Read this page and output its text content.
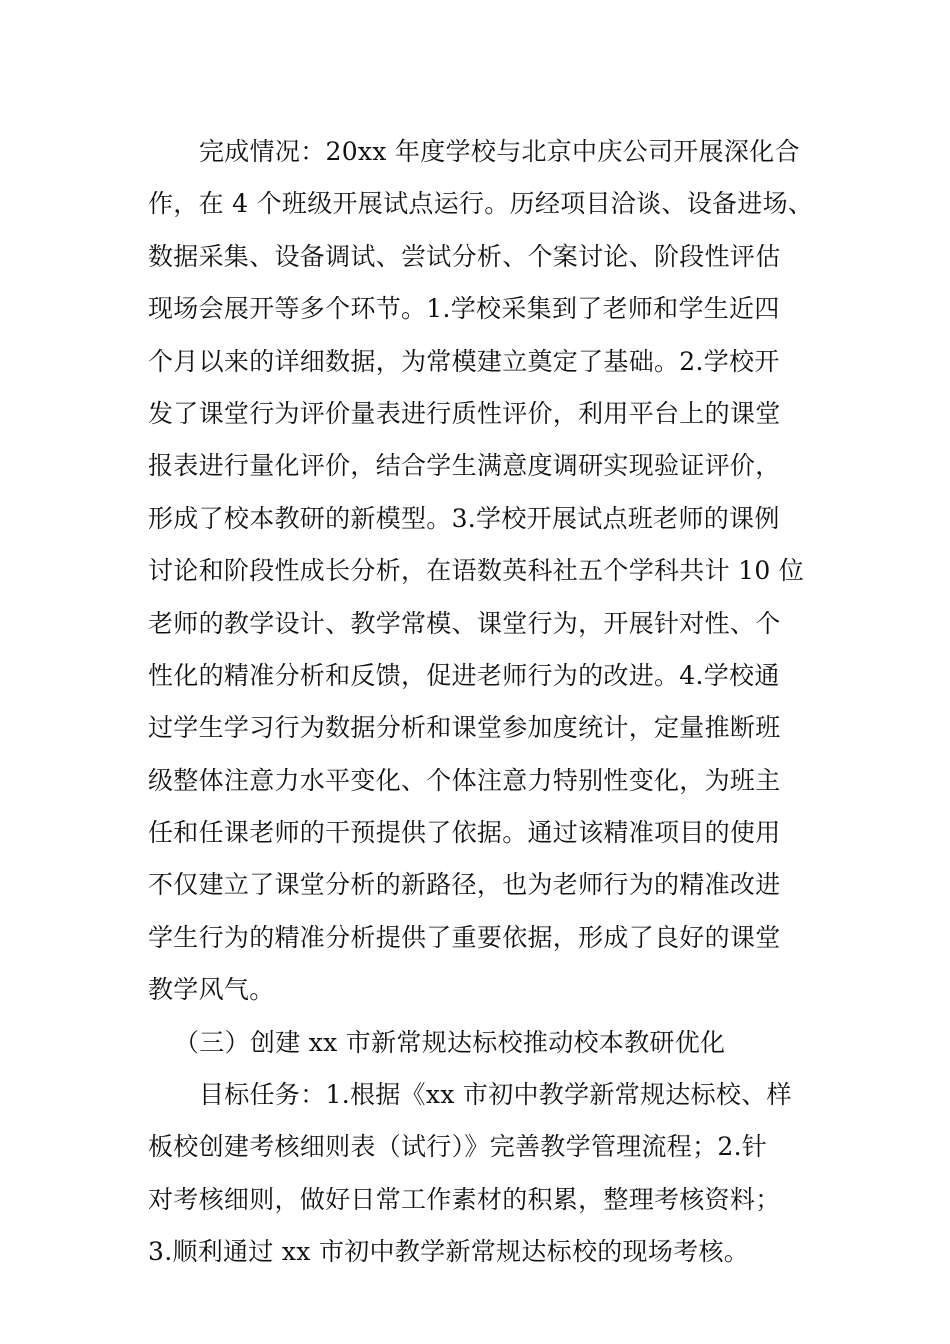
完成情况：20xx 年度学校与北京中庆公司开展深化合
作，在 4 个班级开展试点运行。历经项目洽谈、设备进场、
数据采集、设备调试、尝试分析、个案讨论、阶段性评估
现场会展开等多个环节。1.学校采集到了老师和学生近四
个月以来的详细数据，为常模建立奠定了基础。2.学校开
发了课堂行为评价量表进行质性评价，利用平台上的课堂
报表进行量化评价，结合学生满意度调研实现验证评价，
形成了校本教研的新模型。3.学校开展试点班老师的课例
讨论和阶段性成长分析，在语数英科社五个学科共计 10 位
老师的教学设计、教学常模、课堂行为，开展针对性、个
性化的精准分析和反馈，促进老师行为的改进。4.学校通
过学生学习行为数据分析和课堂参加度统计，定量推断班
级整体注意力水平变化、个体注意力特别性变化，为班主
任和任课老师的干预提供了依据。通过该精准项目的使用
不仅建立了课堂分析的新路径，也为老师行为的精准改进
学生行为的精准分析提供了重要依据，形成了良好的课堂
教学风气。
（三）创建 xx 市新常规达标校推动校本教研优化
目标任务：1.根据《xx 市初中教学新常规达标校、样
板校创建考核细则表（试行）》完善教学管理流程；2.针
对考核细则，做好日常工作素材的积累，整理考核资料；
3.顺利通过 xx 市初中教学新常规达标校的现场考核。
